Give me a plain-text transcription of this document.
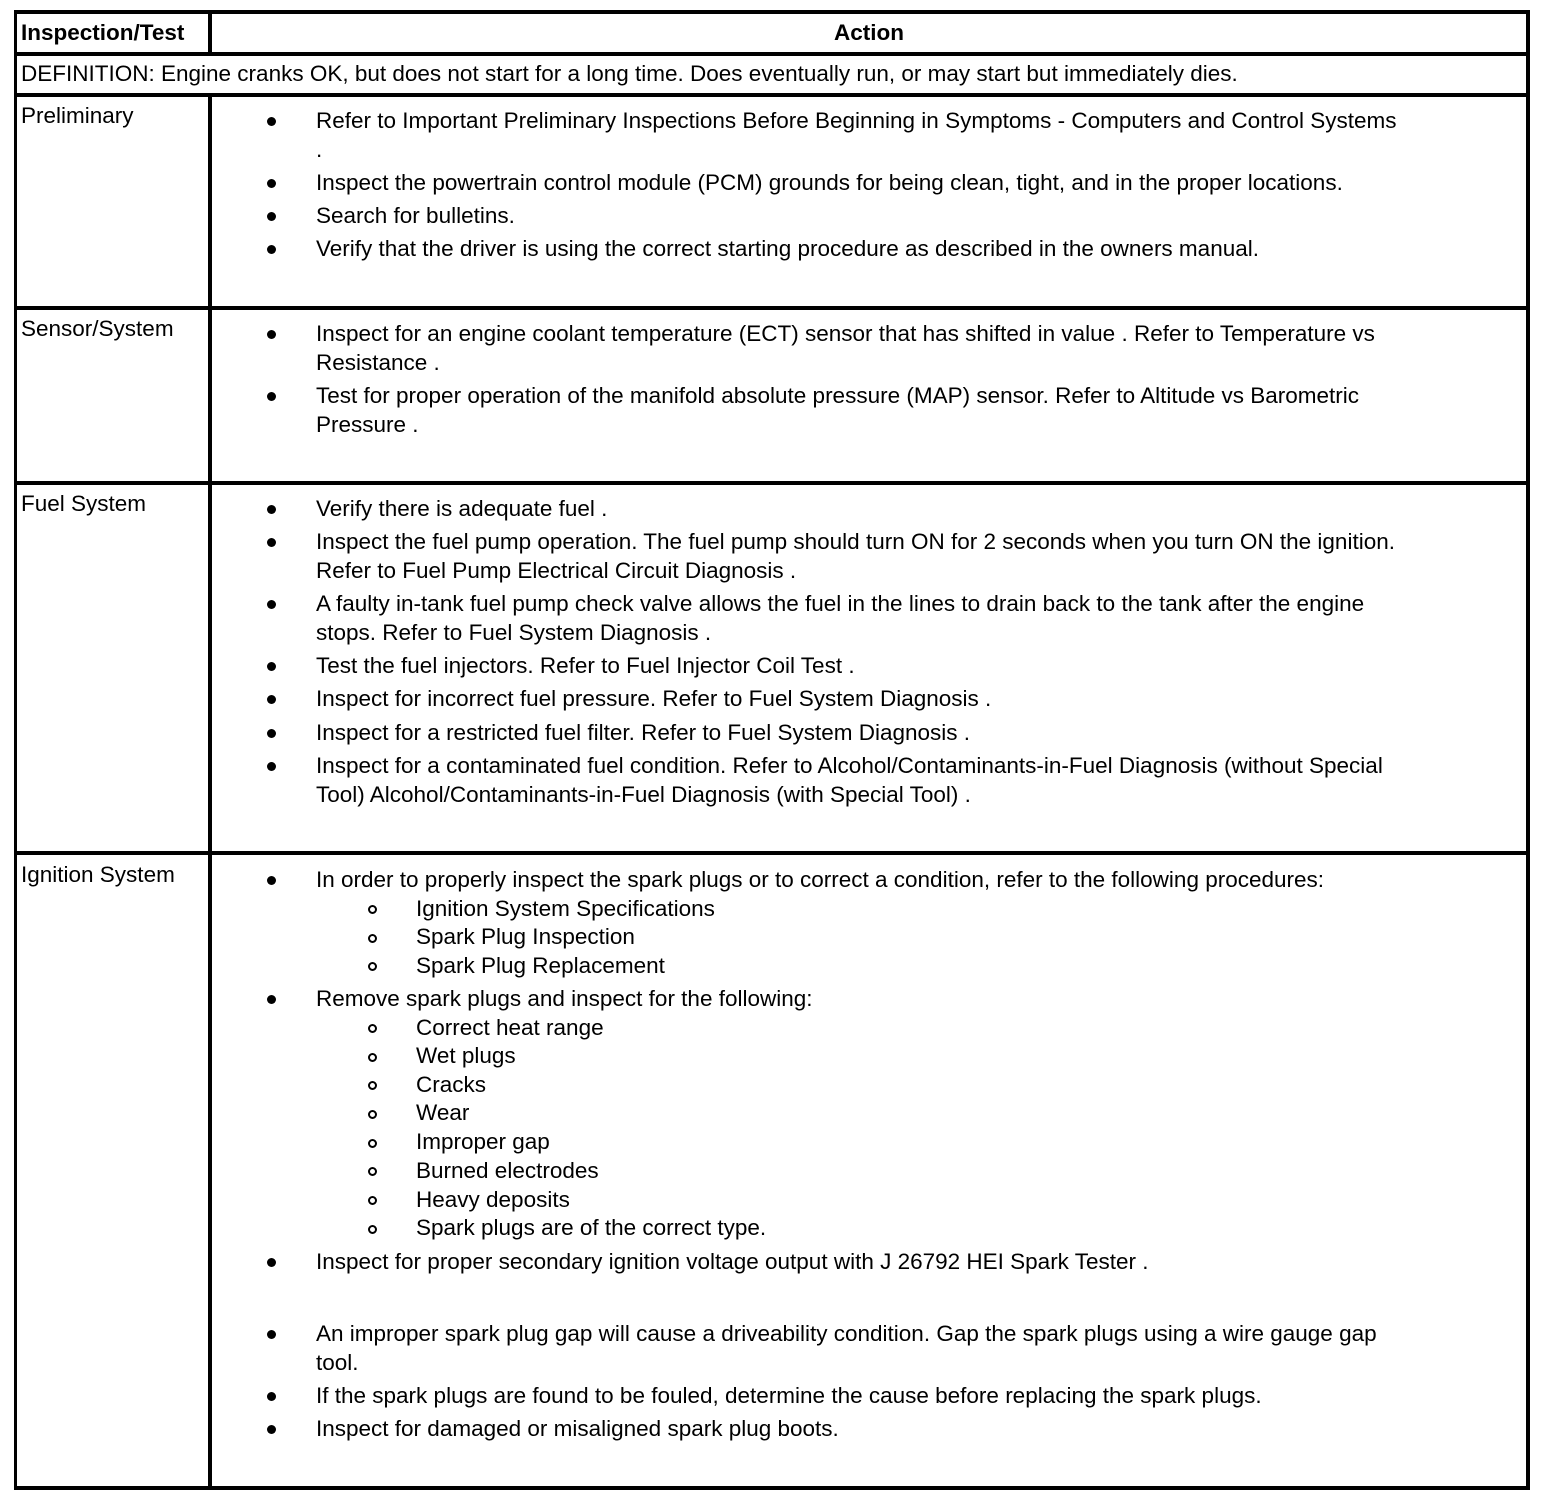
Inspection/Test	Action
DEFINITION: Engine cranks OK, but does not start for a long time. Does eventually run, or may start but immediately dies.
Preliminary
Sensor/System
Fuel System
Ignition System
Refer to Important Preliminary Inspections Before Beginning in Symptoms - Computers and Control Systems
.
Inspect the powertrain control module (PCM) grounds for being clean, tight, and in the proper locations.
Search for bulletins.
Verify that the driver is using the correct starting procedure as described in the owners manual.
Inspect for an engine coolant temperature (ECT) sensor that has shifted in value . Refer to Temperature vs
Resistance .
Test for proper operation of the manifold absolute pressure (MAP) sensor. Refer to Altitude vs Barometric
Pressure .
Verify there is adequate fuel .
Inspect the fuel pump operation. The fuel pump should turn ON for 2 seconds when you turn ON the ignition.
Refer to Fuel Pump Electrical Circuit Diagnosis .
A faulty in-tank fuel pump check valve allows the fuel in the lines to drain back to the tank after the engine
stops. Refer to Fuel System Diagnosis .
Test the fuel injectors. Refer to Fuel Injector Coil Test .
Inspect for incorrect fuel pressure. Refer to Fuel System Diagnosis .
Inspect for a restricted fuel filter. Refer to Fuel System Diagnosis .
Inspect for a contaminated fuel condition. Refer to Alcohol/Contaminants-in-Fuel Diagnosis (without Special
Tool) Alcohol/Contaminants-in-Fuel Diagnosis (with Special Tool) .
In order to properly inspect the spark plugs or to correct a condition, refer to the following procedures:
Ignition System Specifications
Spark Plug Inspection
Spark Plug Replacement
Remove spark plugs and inspect for the following:
Correct heat range
Wet plugs
Cracks
Wear
Improper gap
Burned electrodes
Heavy deposits
Spark plugs are of the correct type.
Inspect for proper secondary ignition voltage output with J 26792 HEI Spark Tester .
An improper spark plug gap will cause a driveability condition. Gap the spark plugs using a wire gauge gap
tool.
If the spark plugs are found to be fouled, determine the cause before replacing the spark plugs.
Inspect for damaged or misaligned spark plug boots.
